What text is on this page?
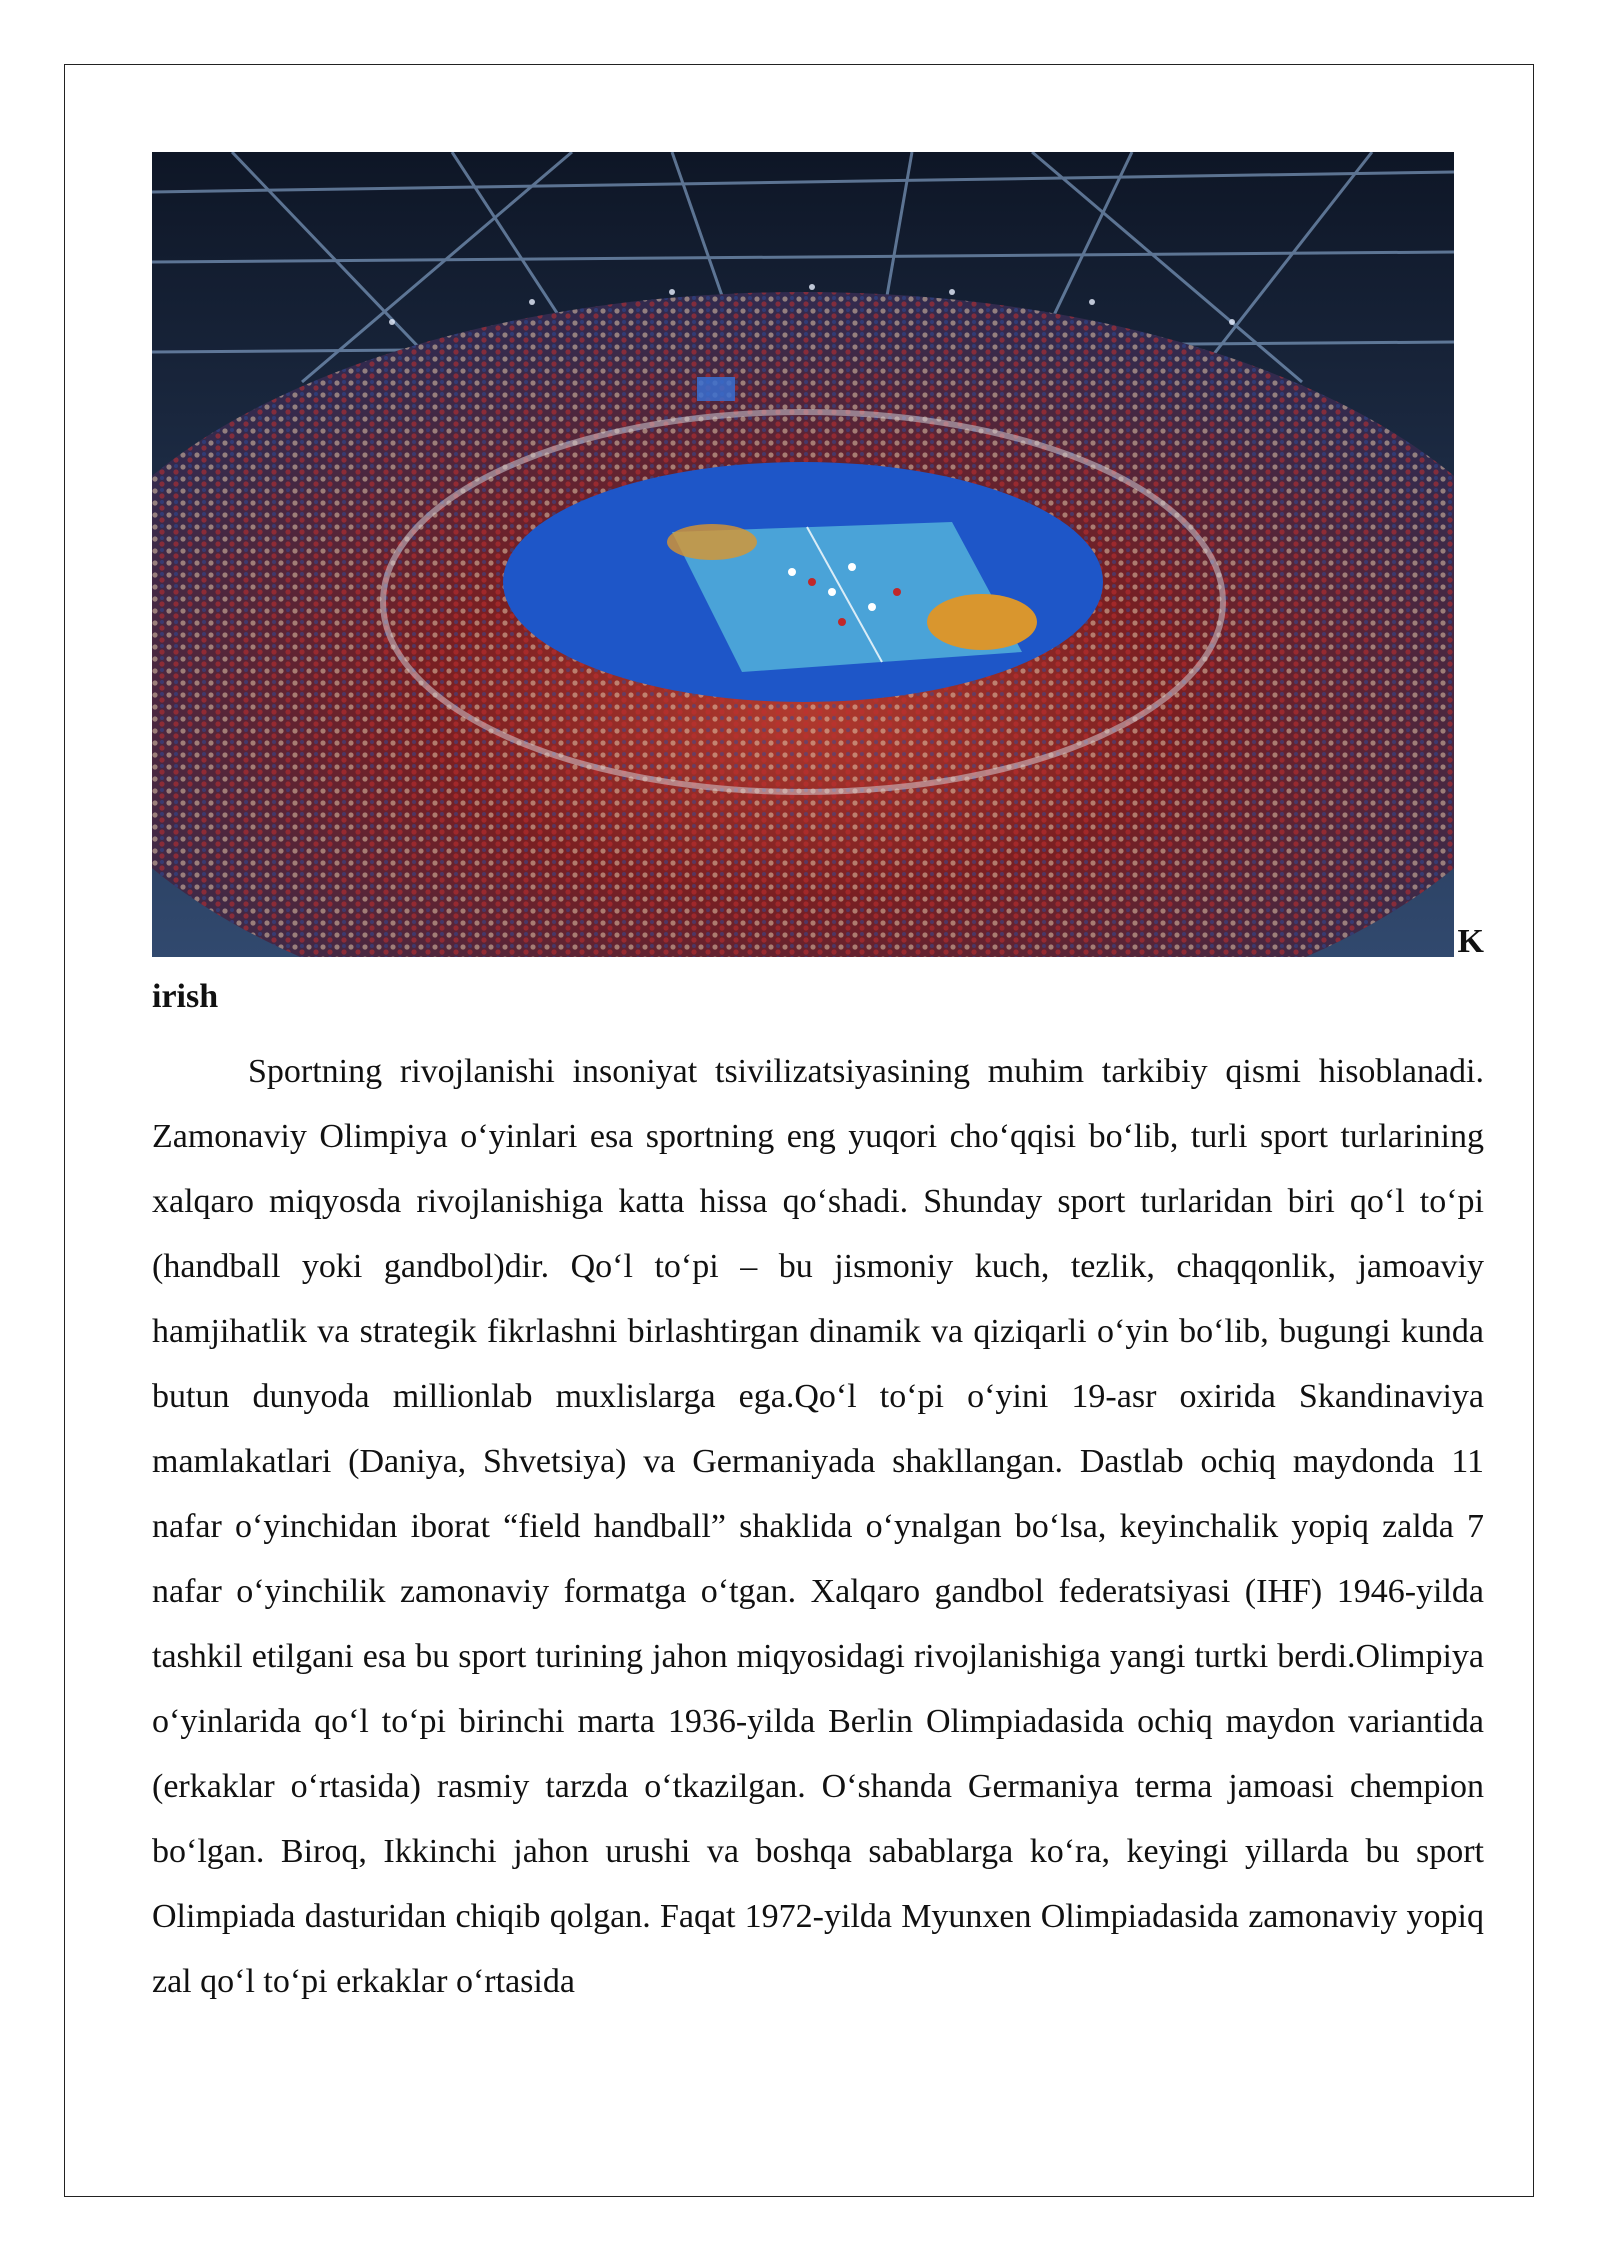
K
irish

Sportning rivojlanishi insoniyat tsivilizatsiyasining muhim tarkibiy qismi hisoblanadi. Zamonaviy Olimpiya o‘yinlari esa sportning eng yuqori cho‘qqisi bo‘lib, turli sport turlarining xalqaro miqyosda rivojlanishiga katta hissa qo‘shadi. Shunday sport turlaridan biri qo‘l to‘pi (handball yoki gandbol)dir. Qo‘l to‘pi – bu jismoniy kuch, tezlik, chaqqonlik, jamoaviy hamjihatlik va strategik fikrlashni birlashtirgan dinamik va qiziqarli o‘yin bo‘lib, bugungi kunda butun dunyoda millionlab muxlislarga ega.Qo‘l to‘pi o‘yini 19-asr oxirida Skandinaviya mamlakatlari (Daniya, Shvetsiya) va Germaniyada shakllangan. Dastlab ochiq maydonda 11 nafar o‘yinchidan iborat “field handball” shaklida o‘ynalgan bo‘lsa, keyinchalik yopiq zalda 7 nafar o‘yinchilik zamonaviy formatga o‘tgan. Xalqaro gandbol federatsiyasi (IHF) 1946-yilda tashkil etilgani esa bu sport turining jahon miqyosidagi rivojlanishiga yangi turtki berdi.Olimpiya o‘yinlarida qo‘l to‘pi birinchi marta 1936-yilda Berlin Olimpiadasida ochiq maydon variantida (erkaklar o‘rtasida) rasmiy tarzda o‘tkazilgan. O‘shanda Germaniya terma jamoasi chempion bo‘lgan. Biroq, Ikkinchi jahon urushi va boshqa sabablarga ko‘ra, keyingi yillarda bu sport Olimpiada dasturidan chiqib qolgan. Faqat 1972-yilda Myunxen Olimpiadasida zamonaviy yopiq zal qo‘l to‘pi erkaklar o‘rtasida
